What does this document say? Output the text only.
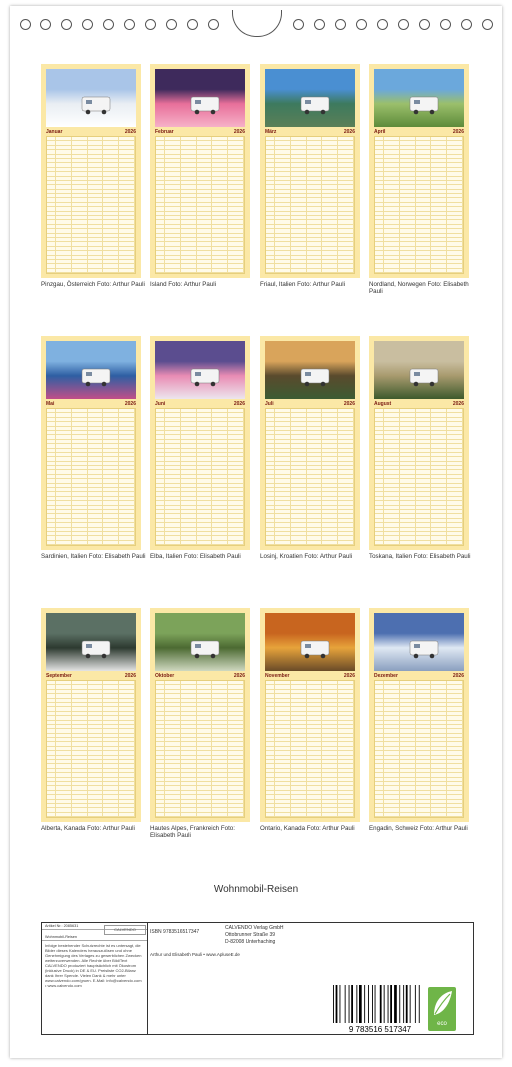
Januar	2026
Pinzgau, Österreich Foto: Arthur Pauli
Februar	2026
Island Foto: Arthur Pauli
März	2026
Friaul, Italien Foto: Arthur Pauli
April	2026
Nordland, Norwegen Foto: Elisabeth Pauli
Mai	2026
Sardinien, Italien Foto: Elisabeth Pauli
Juni	2026
Elba, Italien Foto: Elisabeth Pauli
Juli	2026
Losinj, Kroatien Foto: Arthur Pauli
August	2026
Toskana, Italien Foto: Elisabeth Pauli
September	2026
Alberta, Kanada Foto: Arthur Pauli
Oktober	2026
Hautes Alpes, Frankreich Foto: Elisabeth Pauli
November	2026
Ontario, Kanada Foto: Arthur Pauli
Dezember	2026
Engadin, Schweiz Foto: Arthur Pauli
Wohnmobil-Reisen
Artikel Nr.: 2085631
CALVENDO
Wohnmobil-Reisen
Infolge bestehender Schutzrechte ist es untersagt, die Bilder dieses Kalenders herauszulösen und ohne Genehmigung des Verlages zu gewerblichen Zwecken weiterzuverwenden. Alle Rechte über Bild/Text CALVENDO produziert hauptsächlich mit Ökostrom (inklusive Druck) in DE & EU. Preisliste CO2-Bilanz dank Ihrer Spende. Vielen Dank & mehr unter www.calvendo.com/gruen. E-Mail: info@calvendo.com • www.calvendo.com
ISBN 9783516517347
CALVENDO Verlag GmbH
Ottobrunner Straße 39
D-82008 Unterhaching
Arthur und Elisabeth Pauli • www.ApluseE.de
9 783516 517347
eco
